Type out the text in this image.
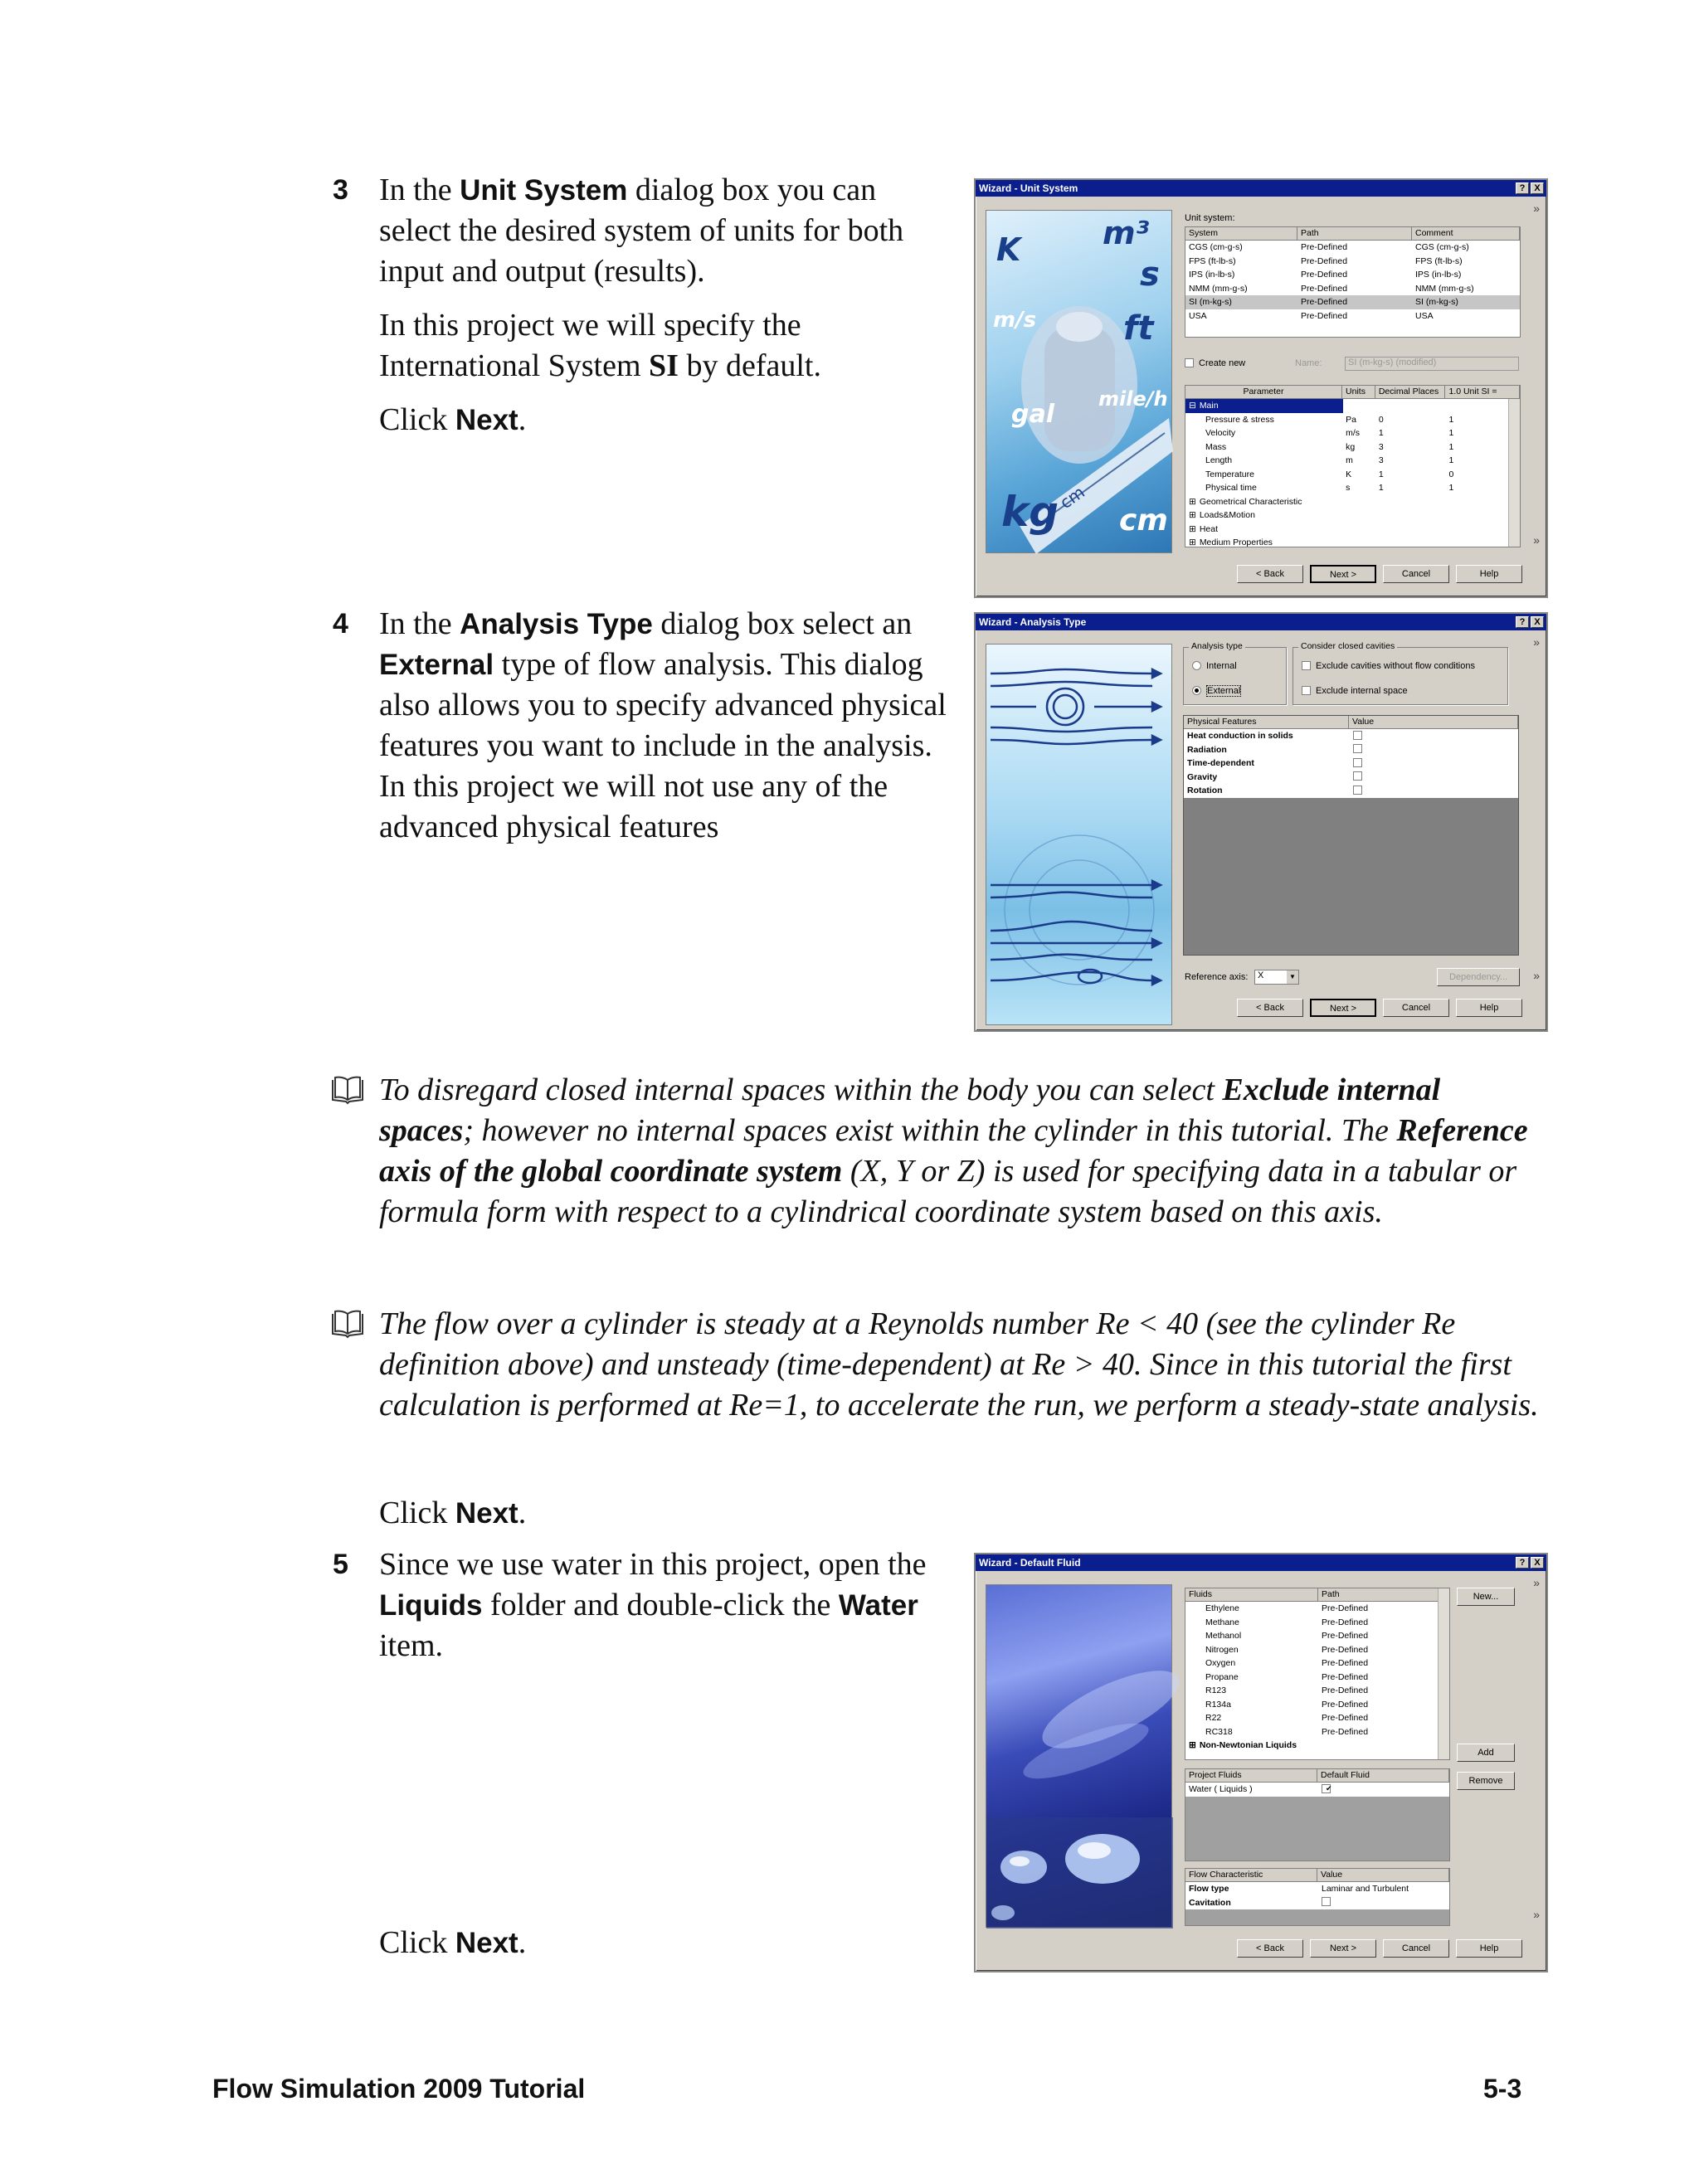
3 In the Unit System dialog box you can select the desired system of units for both input and output (results).

In this project we will specify the International System SI by default.

Click Next.

Wizard - Unit System	? X
K	m³
s
m/s	ft
gal
mile/h
kg
cm
cm
Unit system:
System	Path	Comment
CGS (cm-g-s)	Pre-Defined	CGS (cm-g-s)
FPS (ft-lb-s)	Pre-Defined	FPS (ft-lb-s)
IPS (in-lb-s)	Pre-Defined	IPS (in-lb-s)
NMM (mm-g-s)	Pre-Defined	NMM (mm-g-s)
SI (m-kg-s)	Pre-Defined	SI (m-kg-s)
USA	Pre-Defined	USA
Create new	Name:	SI (m-kg-s) (modified)
Parameter	Units	Decimal Places	1.0 Unit SI =
⊟ Main
Pressure & stress	Pa	0	1
Velocity	m/s	1	1
Mass	kg	3	1
Length	m	3	1
Temperature	K	1	0
Physical time	s	1	1
⊞ Geometrical Characteristic
⊞ Loads&Motion
⊞ Heat
⊞ Medium Properties
»
»
< Back	Next >	Cancel	Help
4 In the Analysis Type dialog box select an External type of flow analysis. This dialog also allows you to specify advanced physical features you want to include in the analysis. In this project we will not use any of the advanced physical features

Wizard - Analysis Type	? X
Analysis type
Internal
External
Consider closed cavities
Exclude cavities without flow conditions
Exclude internal space
Physical Features	Value
Heat conduction in solids
Radiation
Time-dependent
Gravity
Rotation
Reference axis:	X	▼	Dependency...
»
»
< Back	Next >	Cancel	Help
To disregard closed internal spaces within the body you can select Exclude internal spaces; however no internal spaces exist within the cylinder in this tutorial. The Reference axis of the global coordinate system (X, Y or Z) is used for specifying data in a tabular or formula form with respect to a cylindrical coordinate system based on this axis.
The flow over a cylinder is steady at a Reynolds number Re < 40 (see the cylinder Re definition above) and unsteady (time-dependent) at Re > 40. Since in this tutorial the first calculation is performed at Re=1, to accelerate the run, we perform a steady-state analysis.

Click Next.

5 Since we use water in this project, open the Liquids folder and double-click the Water item.

Click Next.

Wizard - Default Fluid	? X
Fluids	Path
Ethylene	Pre-Defined
Methane	Pre-Defined
Methanol	Pre-Defined
Nitrogen	Pre-Defined
Oxygen	Pre-Defined
Propane	Pre-Defined
R123	Pre-Defined
R134a	Pre-Defined
R22	Pre-Defined
RC318	Pre-Defined
⊞ Non-Newtonian Liquids
New...
Add
Remove
Project Fluids	Default Fluid
Water ( Liquids )	✔
Flow Characteristic	Value
Flow type	Laminar and Turbulent
Cavitation
»
»
< Back	Next >	Cancel	Help
Flow Simulation 2009 Tutorial	5-3
